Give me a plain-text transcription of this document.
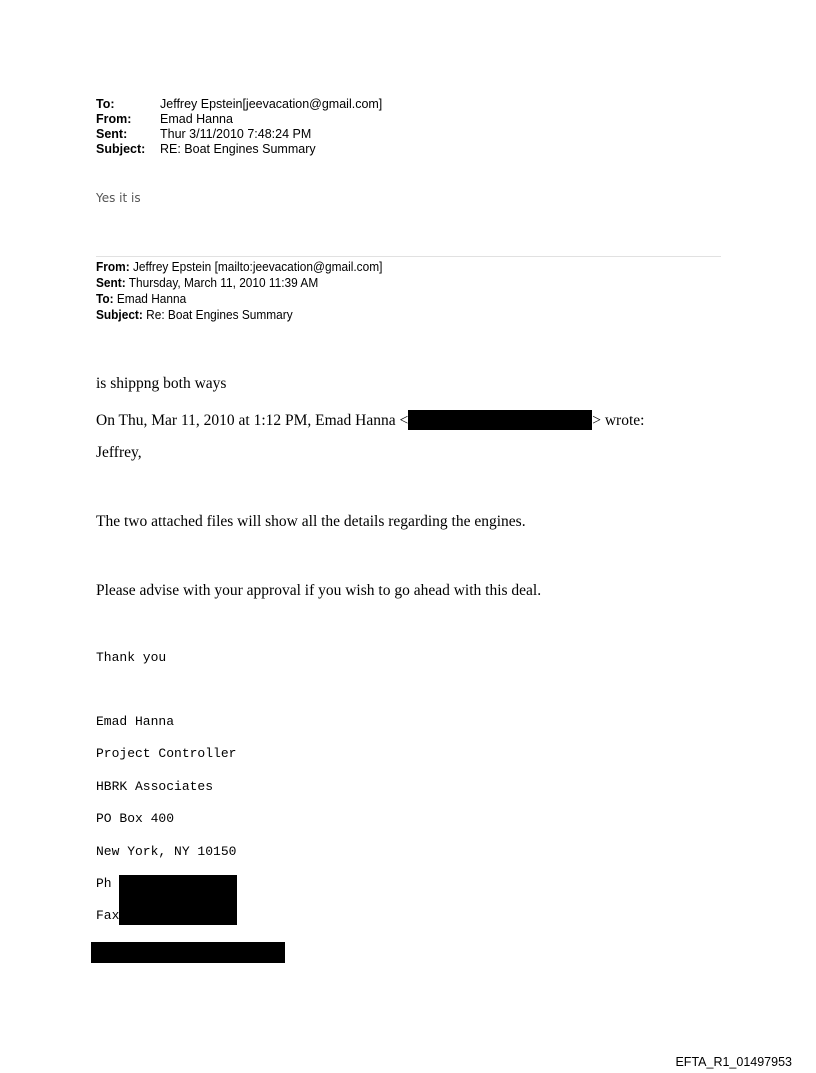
To:	Jeffrey Epstein[jeevacation@gmail.com]
From: Emad Hanna
Sent:	Thur 3/11/2010 7:48:24 PM
Subject: RE: Boat Engines Summary
Yes it is
From: Jeffrey Epstein [mailto:jeevacation@gmail.com]
Sent: Thursday, March 11, 2010 11:39 AM
To: Emad Hanna
Subject: Re: Boat Engines Summary
is shippng both ways
On Thu, Mar 11, 2010 at 1:12 PM, Emad Hanna <	> wrote:
Jeffrey,
The two attached files will show all the details regarding the engines.
Please advise with your approval if you wish to go ahead with this deal.
Thank you
Emad Hanna
Project Controller
HBRK Associates
PO Box 400
New York, NY 10150
Ph
Fax
EFTA_R1_01497953
